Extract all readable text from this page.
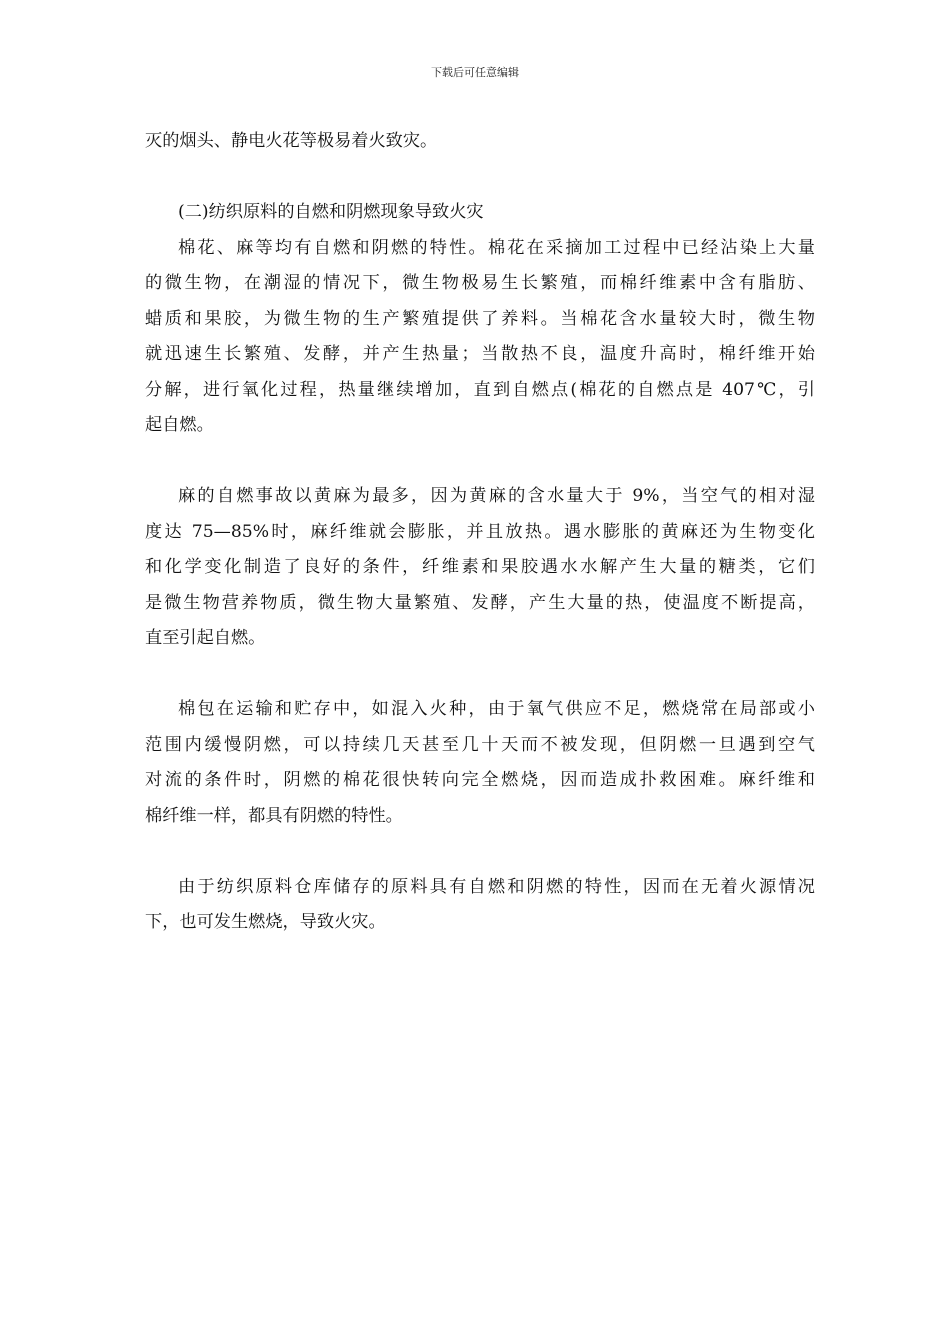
下载后可任意编辑
灭的烟头、静电火花等极易着火致灾。
(二)纺织原料的自燃和阴燃现象导致火灾
棉花、麻等均有自燃和阴燃的特性。棉花在采摘加工过程中已经沾染上大量
的微生物，在潮湿的情况下，微生物极易生长繁殖，而棉纤维素中含有脂肪、
蜡质和果胶，为微生物的生产繁殖提供了养料。当棉花含水量较大时，微生物
就迅速生长繁殖、发酵，并产生热量；当散热不良，温度升高时，棉纤维开始
分解，进行氧化过程，热量继续增加，直到自燃点(棉花的自燃点是 407℃，引
起自燃。
麻的自燃事故以黄麻为最多，因为黄麻的含水量大于 9%，当空气的相对湿
度达 75—85%时，麻纤维就会膨胀，并且放热。遇水膨胀的黄麻还为生物变化
和化学变化制造了良好的条件，纤维素和果胶遇水水解产生大量的糖类，它们
是微生物营养物质，微生物大量繁殖、发酵，产生大量的热，使温度不断提高，
直至引起自燃。
棉包在运输和贮存中，如混入火种，由于氧气供应不足，燃烧常在局部或小
范围内缓慢阴燃，可以持续几天甚至几十天而不被发现，但阴燃一旦遇到空气
对流的条件时，阴燃的棉花很快转向完全燃烧，因而造成扑救困难。麻纤维和
棉纤维一样，都具有阴燃的特性。
由于纺织原料仓库储存的原料具有自燃和阴燃的特性，因而在无着火源情况
下，也可发生燃烧，导致火灾。
